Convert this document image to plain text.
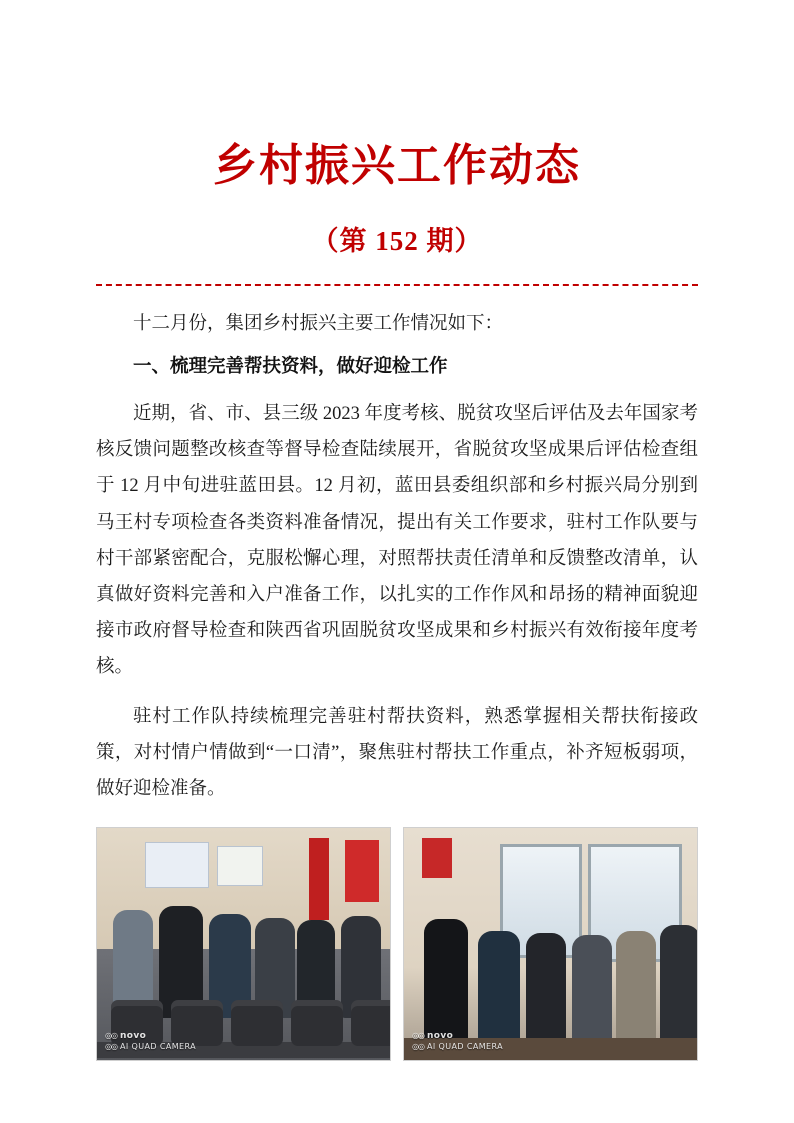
乡村振兴工作动态
（第 152 期）

十二月份，集团乡村振兴主要工作情况如下：

一、梳理完善帮扶资料，做好迎检工作

近期，省、市、县三级 2023 年度考核、脱贫攻坚后评估及去年国家考核反馈问题整改核查等督导检查陆续展开，省脱贫攻坚成果后评估检查组于 12 月中旬进驻蓝田县。12 月初，蓝田县委组织部和乡村振兴局分别到马王村专项检查各类资料准备情况，提出有关工作要求，驻村工作队要与村干部紧密配合，克服松懈心理，对照帮扶责任清单和反馈整改清单，认真做好资料完善和入户准备工作，以扎实的工作作风和昂扬的精神面貌迎接市政府督导检查和陕西省巩固脱贫攻坚成果和乡村振兴有效衔接年度考核。

驻村工作队持续梳理完善驻村帮扶资料，熟悉掌握相关帮扶衔接政策，对村情户情做到“一口清”，聚焦驻村帮扶工作重点，补齐短板弱项，做好迎检准备。

◎◎ novo
◎◎ AI QUAD CAMERA
◎◎ novo
◎◎ AI QUAD CAMERA
